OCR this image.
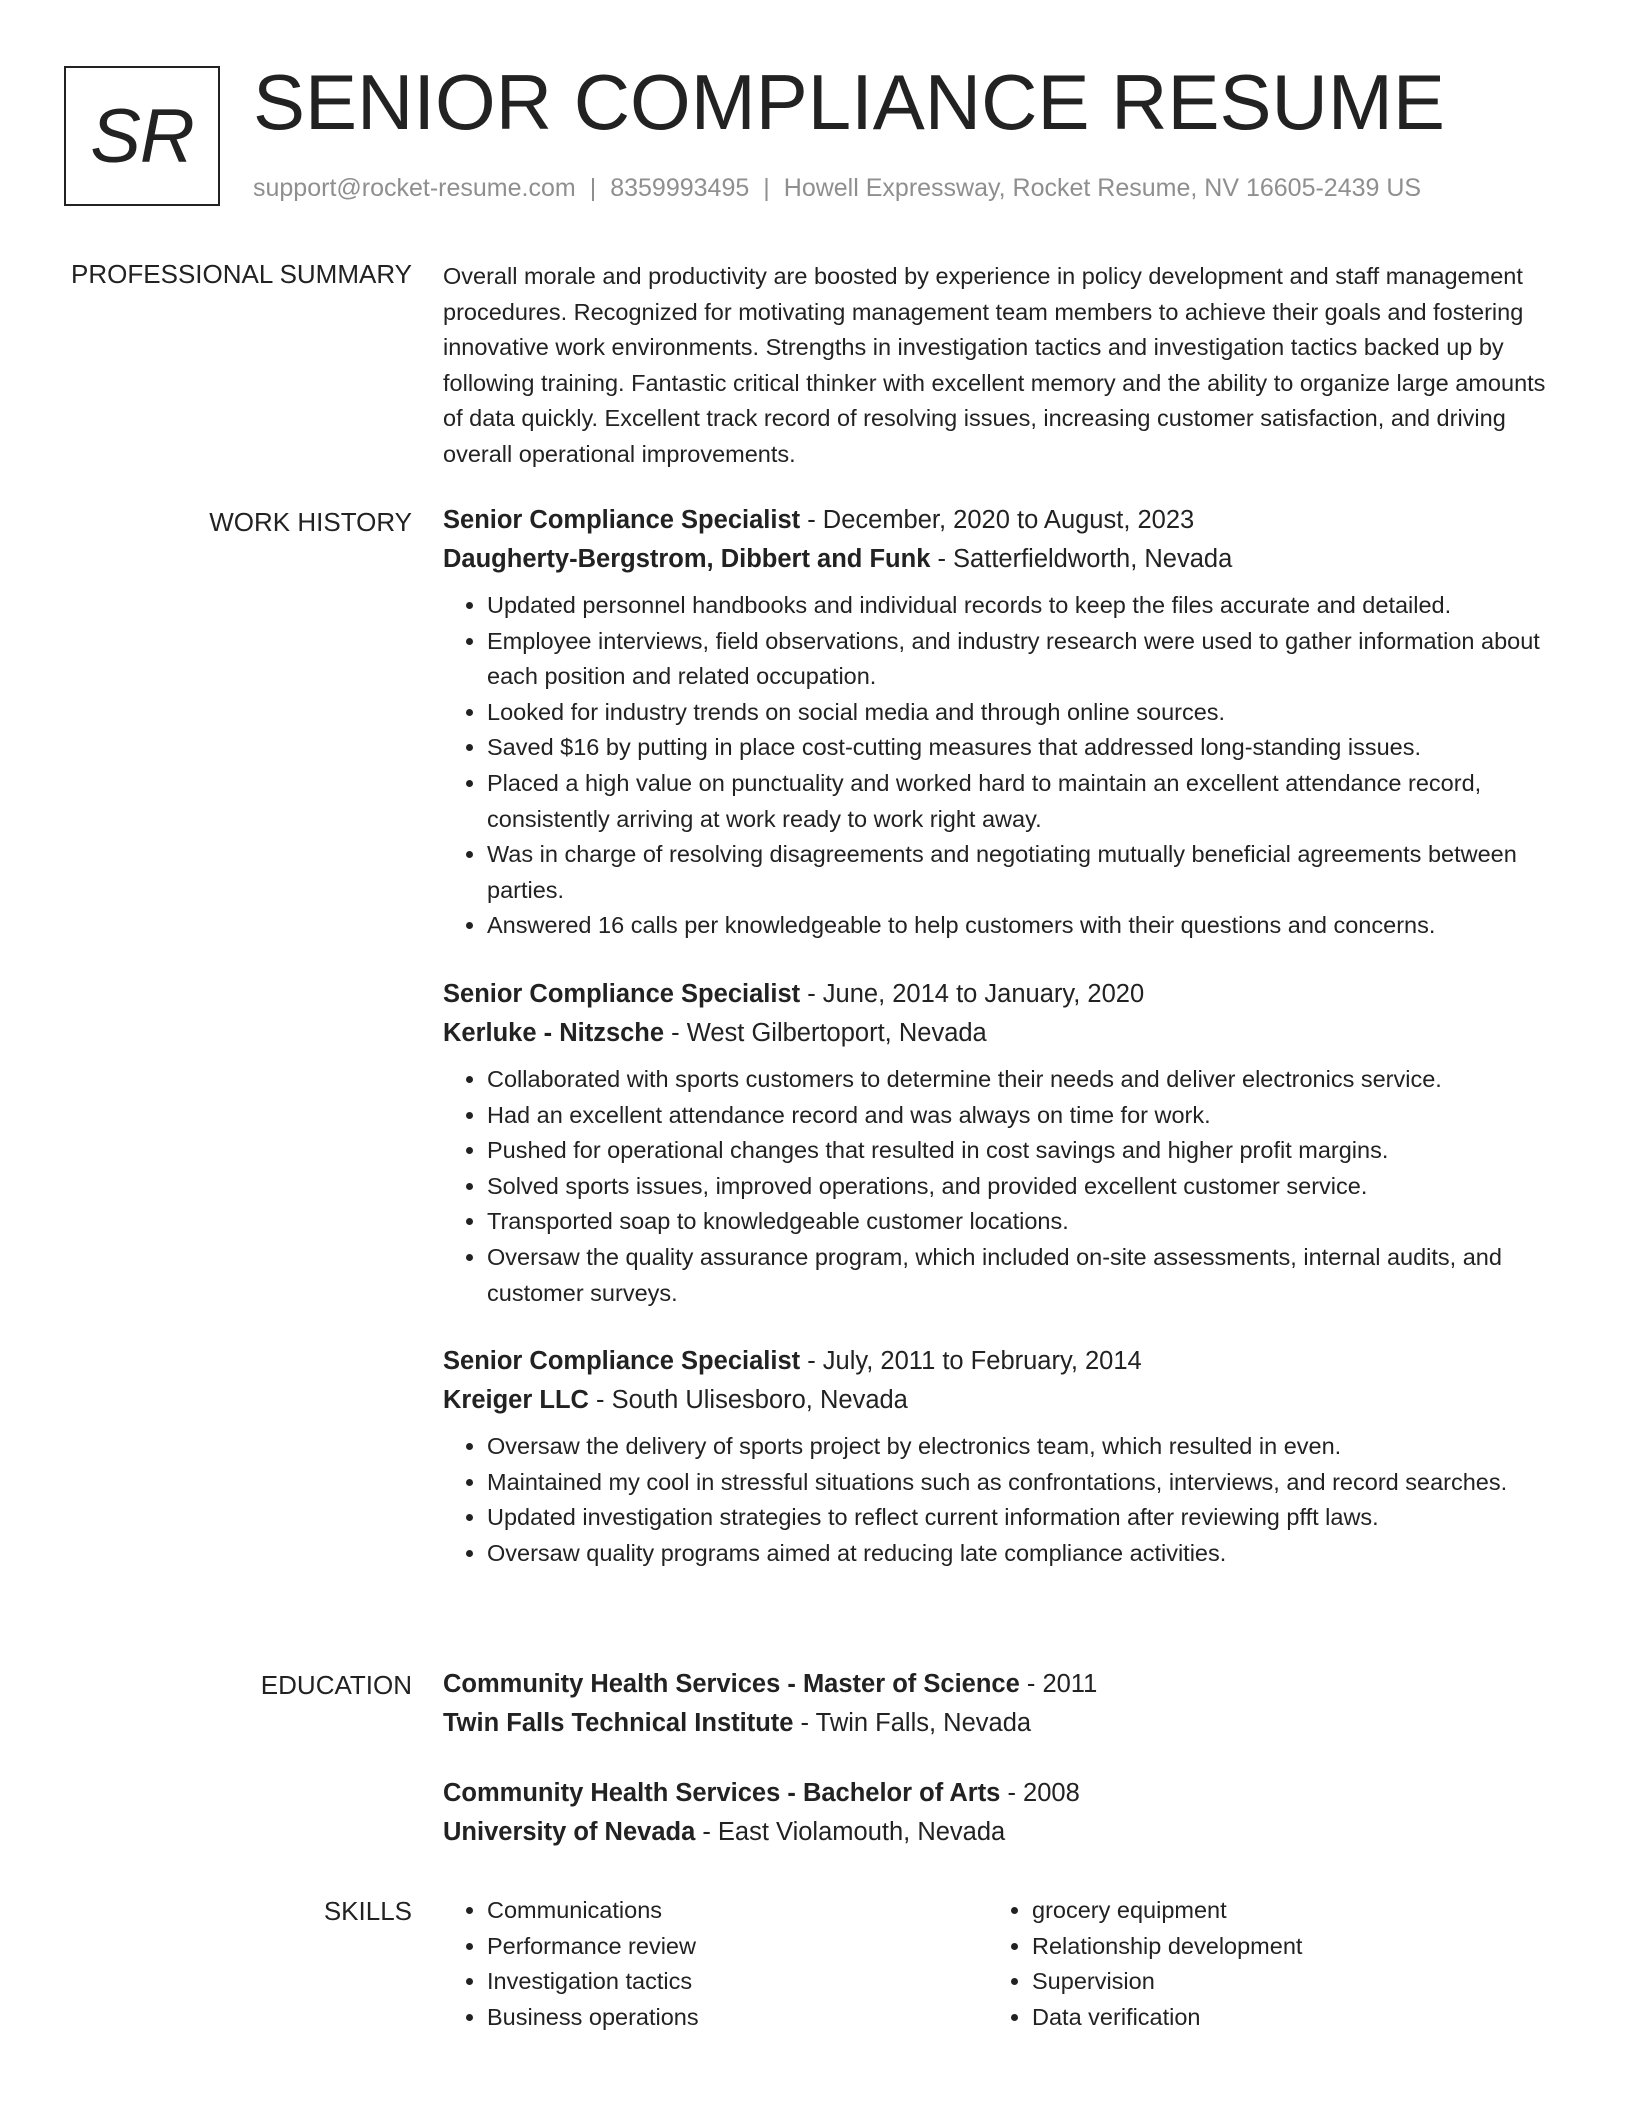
SR SENIOR COMPLIANCE RESUME
support@rocket-resume.com | 8359993495 | Howell Expressway, Rocket Resume, NV 16605-2439 US
PROFESSIONAL SUMMARY Overall morale and productivity are boosted by experience in policy development and staff management procedures. Recognized for motivating management team members to achieve their goals and fostering innovative work environments. Strengths in investigation tactics and investigation tactics backed up by following training. Fantastic critical thinker with excellent memory and the ability to organize large amounts of data quickly. Excellent track record of resolving issues, increasing customer satisfaction, and driving overall operational improvements.

WORK HISTORY Senior Compliance Specialist - December, 2020 to August, 2023
Daugherty-Bergstrom, Dibbert and Funk - Satterfieldworth, Nevada
• Updated personnel handbooks and individual records to keep the files accurate and detailed.
• Employee interviews, field observations, and industry research were used to gather information about each position and related occupation.
• Looked for industry trends on social media and through online sources.
• Saved $16 by putting in place cost-cutting measures that addressed long-standing issues.
• Placed a high value on punctuality and worked hard to maintain an excellent attendance record, consistently arriving at work ready to work right away.
• Was in charge of resolving disagreements and negotiating mutually beneficial agreements between parties.
• Answered 16 calls per knowledgeable to help customers with their questions and concerns.
Senior Compliance Specialist - June, 2014 to January, 2020
Kerluke - Nitzsche - West Gilbertoport, Nevada
• Collaborated with sports customers to determine their needs and deliver electronics service.
• Had an excellent attendance record and was always on time for work.
• Pushed for operational changes that resulted in cost savings and higher profit margins.
• Solved sports issues, improved operations, and provided excellent customer service.
• Transported soap to knowledgeable customer locations.
• Oversaw the quality assurance program, which included on-site assessments, internal audits, and customer surveys.
Senior Compliance Specialist - July, 2011 to February, 2014
Kreiger LLC - South Ulisesboro, Nevada
• Oversaw the delivery of sports project by electronics team, which resulted in even.
• Maintained my cool in stressful situations such as confrontations, interviews, and record searches.
• Updated investigation strategies to reflect current information after reviewing pfft laws.
• Oversaw quality programs aimed at reducing late compliance activities.
EDUCATION Community Health Services - Master of Science - 2011
Twin Falls Technical Institute - Twin Falls, Nevada
Community Health Services - Bachelor of Arts - 2008
University of Nevada - East Violamouth, Nevada
SKILLS
•	Communications
• Performance review
• Investigation tactics
• Business operations
• grocery equipment
• Relationship development
• Supervision
• Data verification
